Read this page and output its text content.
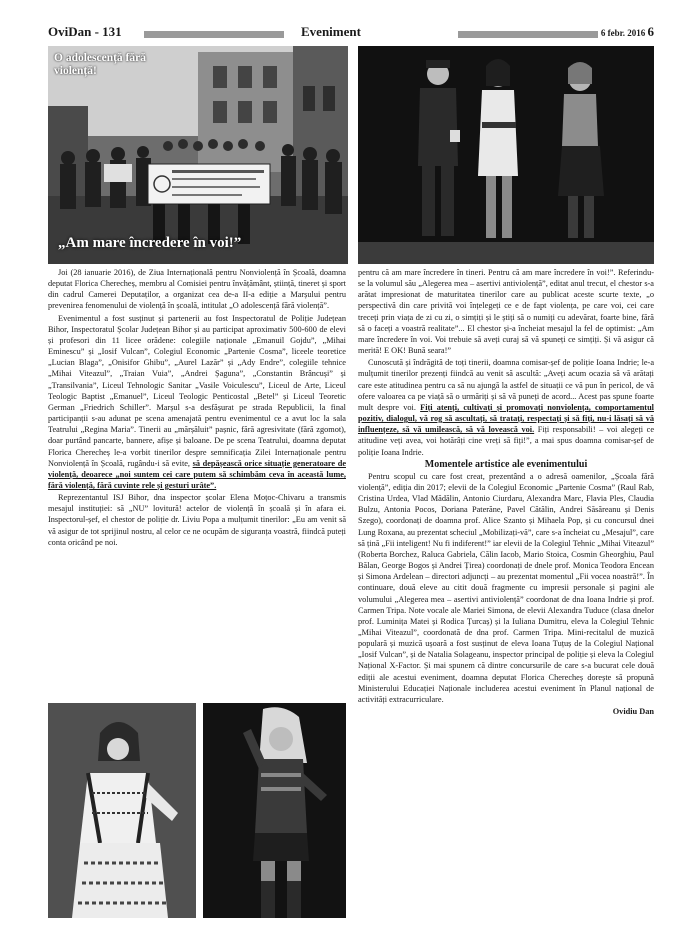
OviDan - 131	Eveniment	6 febr. 2016 6
O adolescență fără violență!
„Am mare încredere în voi!”

Joi (28 ianuarie 2016), de Ziua Internațională pentru Nonviolență în Școală, doamna deputat Florica Cherecheș, membru al Comisiei pentru învățământ, știință, tineret și sport din cadrul Camerei Deputaților, a organizat cea de-a II-a ediție a Marșului pentru prevenirea fenomenului de violență în școală, intitulat „O adolescență fără violență”.

Evenimentul a fost susținut și partenerii au fost Inspectoratul de Poliție Județean Bihor, Inspectoratul Școlar Județean Bihor și au participat aproximativ 500-600 de elevi și profesori din 11 licee orădene: colegiile naționale „Emanuil Gojdu”, „Mihai Eminescu” și „Iosif Vulcan”, Colegiul Economic „Partenie Cosma”, liceele teoretice „Lucian Blaga”, „Onisifor Ghibu”, „Aurel Lazăr” și „Ady Endre”, colegiile tehnice „Mihai Viteazul”, „Traian Vuia”, „Andrei Șaguna”, „Constantin Brâncuși” și „Transilvania”, Liceul Tehnologic Sanitar „Vasile Voiculescu”, Liceul de Arte, Liceul Teologic Baptist „Emanuel”, Liceul Teologic Penticostal „Betel” și Liceul Teoretic German „Friedrich Schiller”. Marșul s-a desfășurat pe strada Republicii, la final participanții s-au adunat pe scena amenajată pentru evenimentul ce a avut loc la sala Teatrului „Regina Maria”. Tinerii au „mărșăluit” pașnic, fără agresivitate (fără zgomot), doar purtând pancarte, bannere, afișe și baloane. De pe scena Teatrului, doamna deputat Florica Cherecheș le-a vorbit tinerilor despre semnificația Zilei Internaționale pentru Nonviolență în Școală, rugându-i să evite, să depășească orice situație generatoare de violență, deoarece „noi suntem cei care putem să schimbăm ceva în această lume, fără violență, fără cuvinte rele și gesturi urâte”.

Reprezentantul ISJ Bihor, dna inspector școlar Elena Moțoc-Chivaru a transmis mesajul instituției: să „NU” lovitură! actelor de violență în școală și în afara ei. Inspectorul-șef, el chestor de poliție dr. Liviu Popa a mulțumit tinerilor: „Eu am venit să vă asigur de tot sprijinul nostru, al celor ce ne ocupăm de siguranța voastră, fiindcă puteți conta oricând pe noi.

pentru că am mare încredere în tineri. Pentru că am mare încredere în voi!”. Referindu-se la volumul său „Alegerea mea – asertivi antiviolență”, editat anul trecut, el chestor s-a arătat impresionat de maturitatea tinerilor care au publicat aceste scurte texte, „o perspectivă din care privită voi înțelegeți ce e de fapt violența, pe care voi, cei care treceți prin viața de zi cu zi, o simțiți și le știți să o numiți cu adevărat, foarte bine, fără să o faceți a voastră realitate”... El chestor și-a încheiat mesajul la fel de optimist: „Am mare încredere în voi. Voi trebuie să aveți curaj să vă spuneți ce simțiți. Și vă asigur că merită! E OK! Bună seara!”

Cunoscută și îndrăgită de toți tinerii, doamna comisar-șef de poliție Ioana Indrie; le-a mulțumit tinerilor prezenți fiindcă au venit să ascultă: „Aveți acum ocazia să vă arătați care este atitudinea pentru ca să nu ajungă la astfel de situații ce vă pun în pericol, de vă ofere valoarea ca pe viață să o urmăriți și să vă puneți de acord... Acest pas spune foarte mult despre voi. Fiți atenți, cultivați și promovați nonviolența, comportamentul pozitiv, dialogul, vă rog să ascultați, să tratați, respectați și să fiți, nu-i lăsați să vă influențeze, să vă umilească, să vă lovească voi. Fiți responsabili! – voi alegeți ce atitudine veți avea, voi hotărâți cine vreți să fiți!”, a mai spus doamna comisar-șef de poliție Ioana Indrie.

Momentele artistice ale evenimentului

Pentru scopul cu care fost creat, prezentând a o adresă oamenilor, „Școala fără violență”, ediția din 2017; elevii de la Colegiul Economic „Partenie Cosma” (Raul Rab, Cristina Urdea, Vlad Mădălin, Antonio Ciurdaru, Alexandra Marc, Flavia Ples, Claudia Bulzu, Antonia Pocos, Doriana Paterăne, Pavel Cătălin, Andrei Săsăreanu și Denis Szego), coordonați de doamna prof. Alice Szanto și Mihaela Pop, și cu concursul dnei Lung Roxana, au prezentat scheciul „Mobilizați-vă”, care s-a încheiat cu „Mesajul”, care să țină „Fii inteligent! Nu fi indiferent!” iar elevii de la Colegiul Tehnic „Mihai Viteazul” (Roberta Borchez, Raluca Gabriela, Călin Iacob, Mario Stoica, Cosmin Gheorghiu, Paul Bălan, George Bogos și Andrei Țirea) coordonați de dnele prof. Monica Teodora Encean și Simona Ardelean – directori adjuncți – au prezentat momentul „Fii vocea noastră!”. În continuare, două eleve au citit două fragmente cu impresii personale și pagini ale volumului „Alegerea mea – asertivi antiviolență” coordonat de dna Ioana Indrie și prof. Carmen Tripa. Note vocale ale Mariei Simona, de elevii Alexandra Tuduce (clasa dnelor prof. Luminița Matei și Rodica Țurcaș) și la Iuliana Dumitru, eleva la Colegiul Tehnic „Mihai Viteazul”, coordonată de dna prof. Carmen Tripa. Mini-recitalul de muzică populară și muzică ușoară a fost susținut de eleva Ioana Tuțuș de la Colegiul Național „Iosif Vulcan”, și de Natalia Solageanu, inspector principal de poliție și eleva la Colegiul Național X-Factor. Și mai spunem că dintre concursurile de care s-a bucurat cele două ediții ale acestui eveniment, doamna deputat Florica Cherecheș dorește să propună Ministerului Educației Naționale includerea acestui eveniment în Planul național de activități extracurriculare.

Ovidiu Dan
